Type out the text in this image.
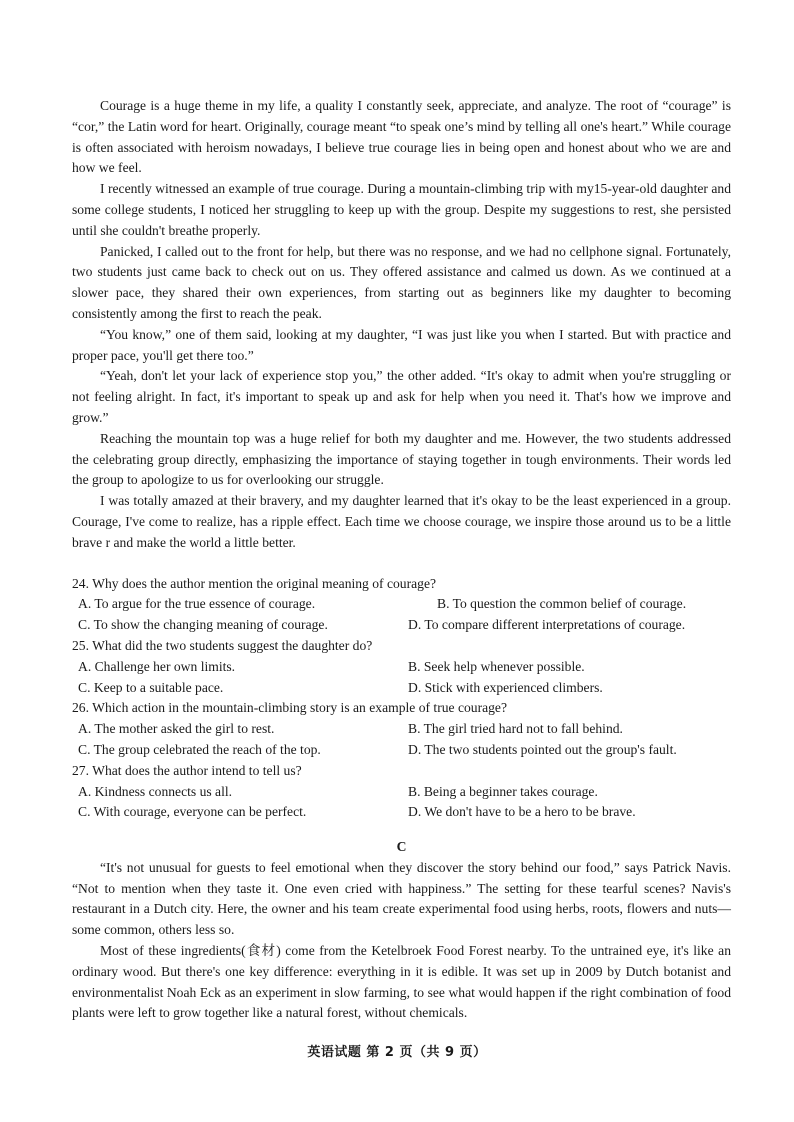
Courage is a huge theme in my life, a quality I constantly seek, appreciate, and analyze. The root of “courage” is “cor,” the Latin word for heart. Originally, courage meant “to speak one’s mind by telling all one's heart.” While courage is often associated with heroism nowadays, I believe true courage lies in being open and honest about who we are and how we feel.

I recently witnessed an example of true courage. During a mountain-climbing trip with my15-year-old daughter and some college students, I noticed her struggling to keep up with the group. Despite my suggestions to rest, she persisted until she couldn't breathe properly.

Panicked, I called out to the front for help, but there was no response, and we had no cellphone signal. Fortunately, two students just came back to check out on us. They offered assistance and calmed us down. As we continued at a slower pace, they shared their own experiences, from starting out as beginners like my daughter to becoming consistently among the first to reach the peak.

“You know,” one of them said, looking at my daughter, “I was just like you when I started. But with practice and proper pace, you'll get there too.”

“Yeah, don't let your lack of experience stop you,” the other added. “It's okay to admit when you're struggling or not feeling alright. In fact, it's important to speak up and ask for help when you need it. That's how we improve and grow.”

Reaching the mountain top was a huge relief for both my daughter and me. However, the two students addressed the celebrating group directly, emphasizing the importance of staying together in tough environments. Their words led the group to apologize to us for overlooking our struggle.

I was totally amazed at their bravery, and my daughter learned that it's okay to be the least experienced in a group. Courage, I've come to realize, has a ripple effect. Each time we choose courage, we inspire those around us to be a little brave r and make the world a little better.

24. Why does the author mention the original meaning of courage?
A. To argue for the true essence of courage.	B. To question the common belief of courage.
C. To show the changing meaning of courage.	D. To compare different interpretations of courage.
25. What did the two students suggest the daughter do?
A. Challenge her own limits.	B. Seek help whenever possible.
C. Keep to a suitable pace.	D. Stick with experienced climbers.
26. Which action in the mountain-climbing story is an example of true courage?
A. The mother asked the girl to rest.	B. The girl tried hard not to fall behind.
C. The group celebrated the reach of the top.	D. The two students pointed out the group's fault.
27. What does the author intend to tell us?
A. Kindness connects us all.	B. Being a beginner takes courage.
C. With courage, everyone can be perfect.	D. We don't have to be a hero to be brave.
C

“It's not unusual for guests to feel emotional when they discover the story behind our food,” says Patrick Navis. “Not to mention when they taste it. One even cried with happiness.” The setting for these tearful scenes? Navis's restaurant in a Dutch city. Here, the owner and his team create experimental food using herbs, roots, flowers and nuts—some common, others less so.

Most of these ingredients(食材) come from the Ketelbroek Food Forest nearby. To the untrained eye, it's like an ordinary wood. But there's one key difference: everything in it is edible. It was set up in 2009 by Dutch botanist and environmentalist Noah Eck as an experiment in slow farming, to see what would happen if the right combination of food plants were left to grow together like a natural forest, without chemicals.

英语试题 第 2 页（共 9 页）
